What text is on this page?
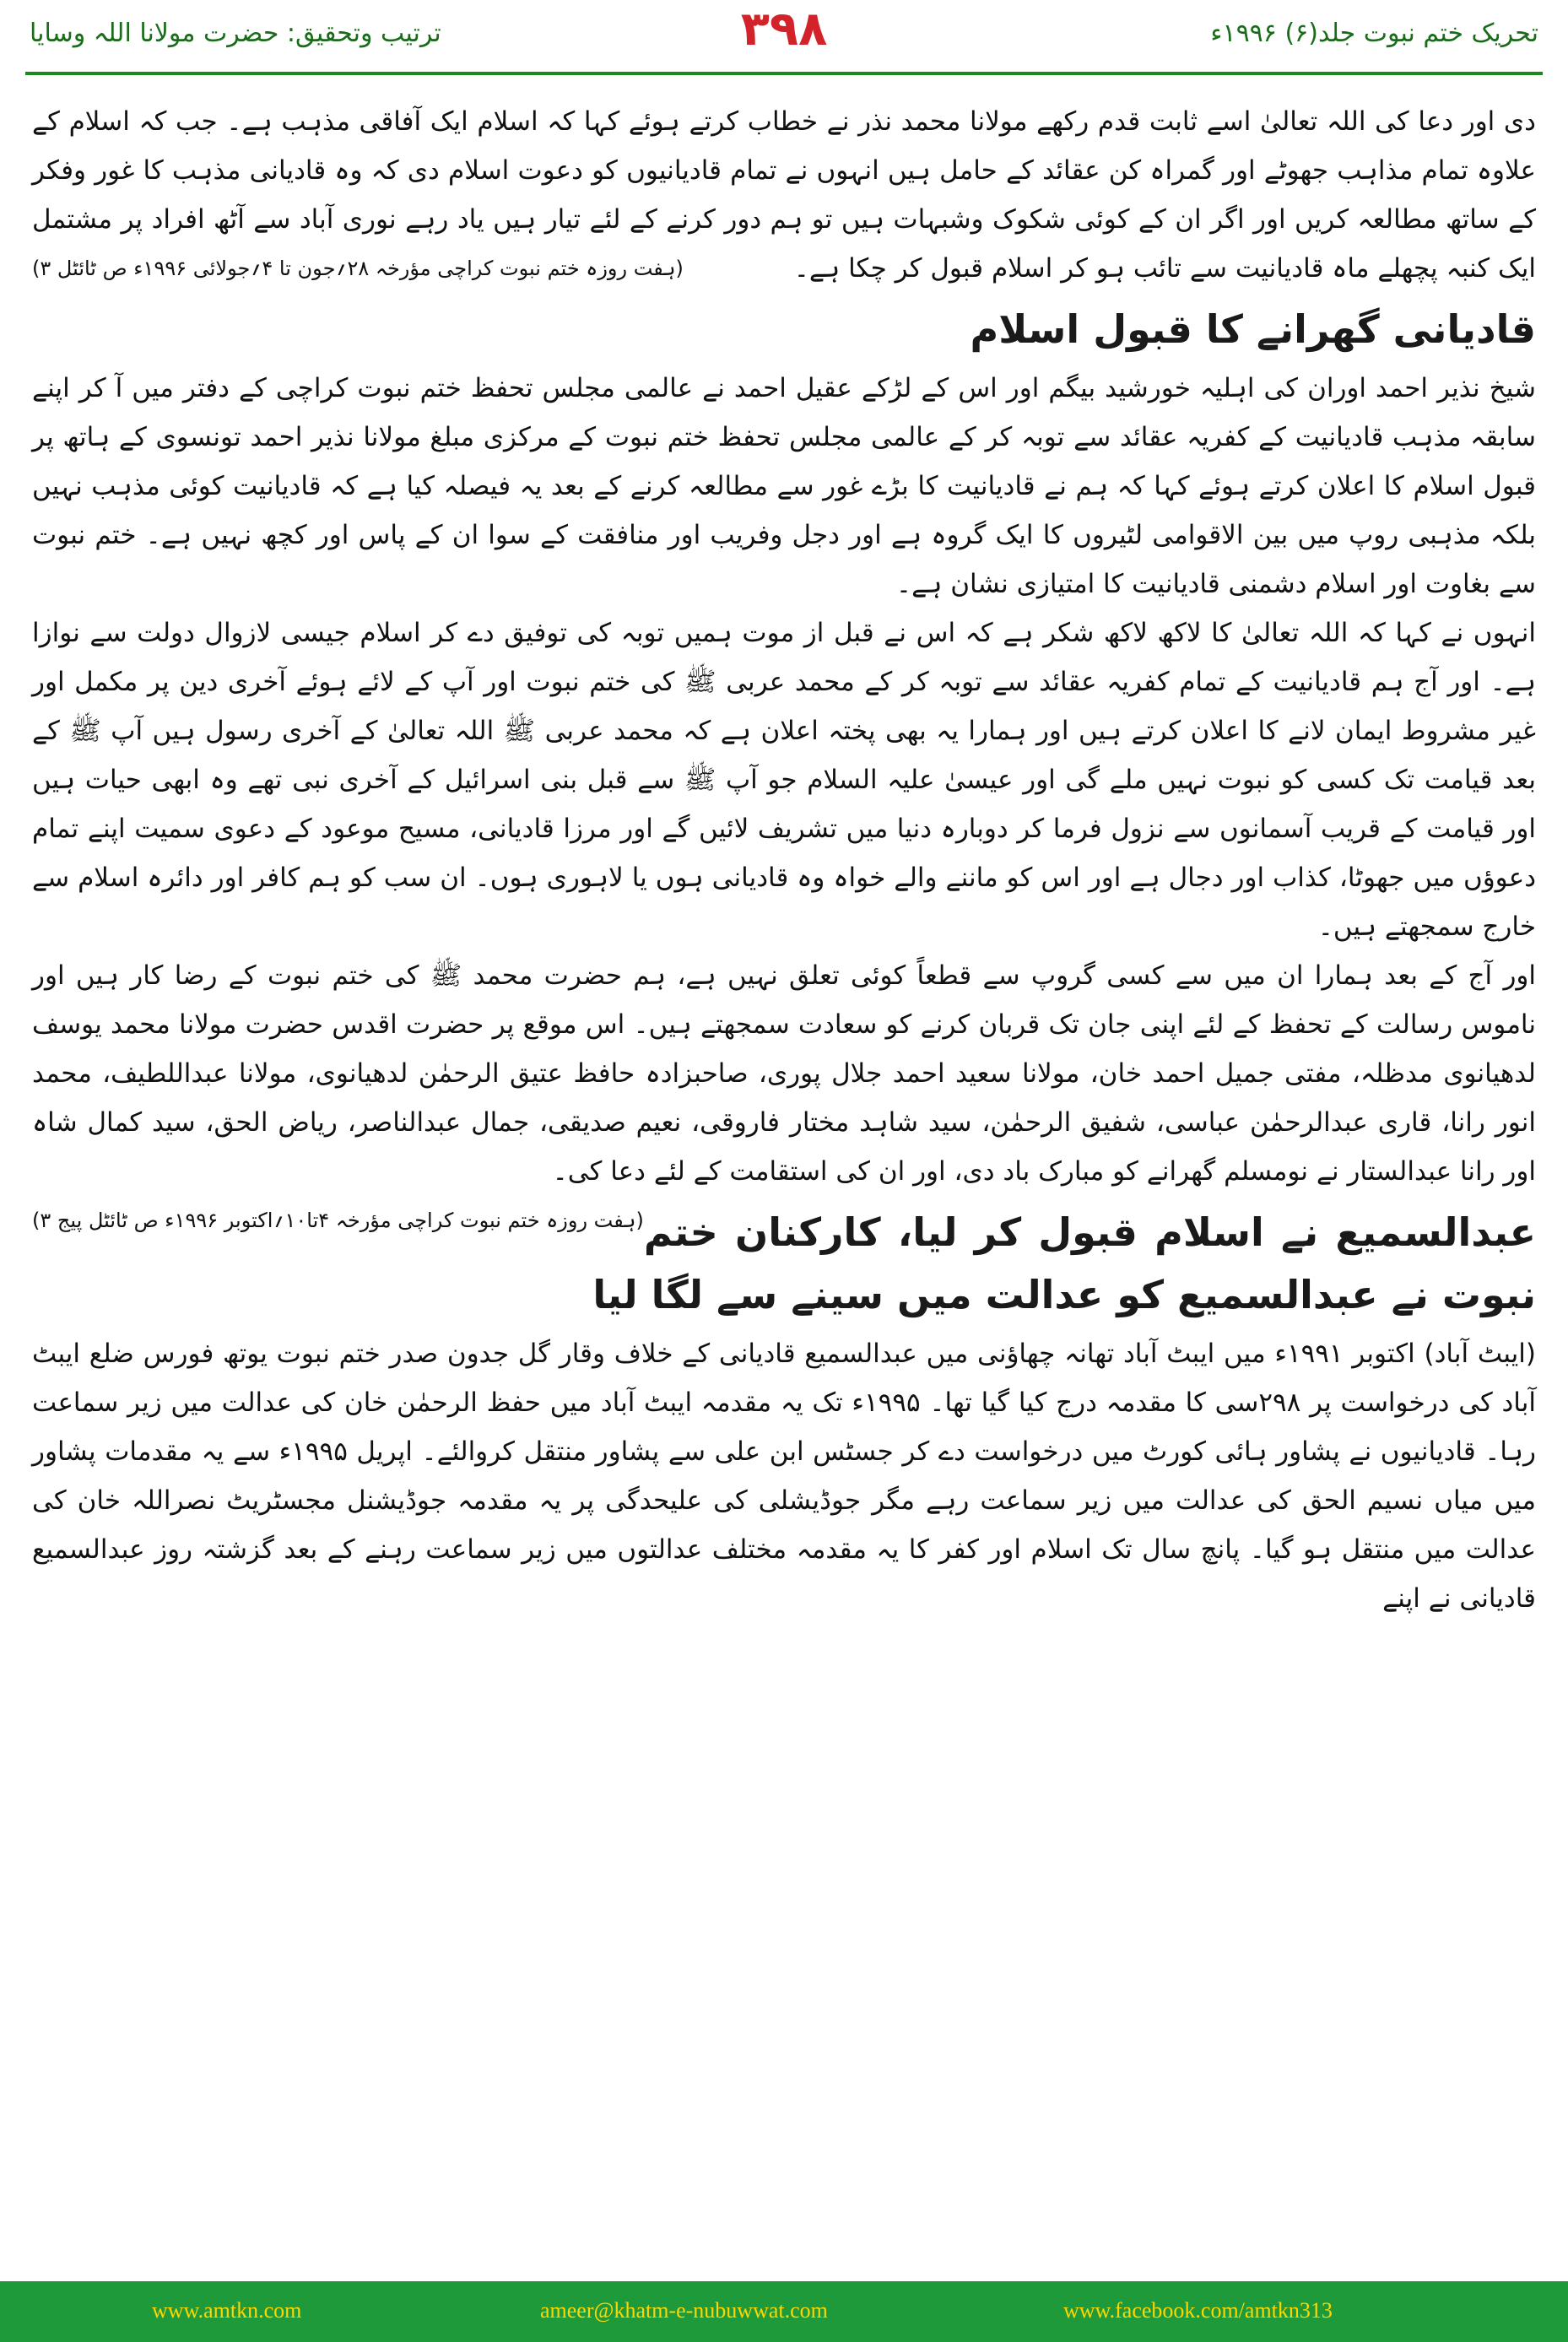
ترتیب وتحقیق: حضرت مولانا اللہ وسایا	۳۹۸	تحریک ختم نبوت جلد(۶) ۱۹۹۶ء

دی اور دعا کی اللہ تعالیٰ اسے ثابت قدم رکھے مولانا محمد نذر نے خطاب کرتے ہوئے کہا کہ اسلام ایک آفاقی مذہب ہے۔ جب کہ اسلام کے علاوہ تمام مذاہب جھوٹے اور گمراہ کن عقائد کے حامل ہیں انہوں نے تمام قادیانیوں کو دعوت اسلام دی کہ وہ قادیانی مذہب کا غور وفکر کے ساتھ مطالعہ کریں اور اگر ان کے کوئی شکوک وشبہات ہیں تو ہم دور کرنے کے لئے تیار ہیں یاد رہے نوری آباد سے آٹھ افراد پر مشتمل ایک کنبہ پچھلے ماہ قادیانیت سے تائب ہو کر اسلام قبول کر چکا ہے۔
(ہفت روزہ ختم نبوت کراچی مؤرخہ ۲۸؍جون تا ۴؍جولائی ۱۹۹۶ء ص ٹائٹل ۳)

قادیانی گھرانے کا قبول اسلام

شیخ نذیر احمد اوران کی اہلیہ خورشید بیگم اور اس کے لڑکے عقیل احمد نے عالمی مجلس تحفظ ختم نبوت کراچی کے دفتر میں آ کر اپنے سابقہ مذہب قادیانیت کے کفریہ عقائد سے توبہ کر کے عالمی مجلس تحفظ ختم نبوت کے مرکزی مبلغ مولانا نذیر احمد تونسوی کے ہاتھ پر قبول اسلام کا اعلان کرتے ہوئے کہا کہ ہم نے قادیانیت کا بڑے غور سے مطالعہ کرنے کے بعد یہ فیصلہ کیا ہے کہ قادیانیت کوئی مذہب نہیں بلکہ مذہبی روپ میں بین الاقوامی لٹیروں کا ایک گروہ ہے اور دجل وفریب اور منافقت کے سوا ان کے پاس اور کچھ نہیں ہے۔ ختم نبوت سے بغاوت اور اسلام دشمنی قادیانیت کا امتیازی نشان ہے۔

انہوں نے کہا کہ اللہ تعالیٰ کا لاکھ لاکھ شکر ہے کہ اس نے قبل از موت ہمیں توبہ کی توفیق دے کر اسلام جیسی لازوال دولت سے نوازا ہے۔ اور آج ہم قادیانیت کے تمام کفریہ عقائد سے توبہ کر کے محمد عربی ﷺ کی ختم نبوت اور آپ کے لائے ہوئے آخری دین پر مکمل اور غیر مشروط ایمان لانے کا اعلان کرتے ہیں اور ہمارا یہ بھی پختہ اعلان ہے کہ محمد عربی ﷺ اللہ تعالیٰ کے آخری رسول ہیں آپ ﷺ کے بعد قیامت تک کسی کو نبوت نہیں ملے گی اور عیسیٰ علیہ السلام جو آپ ﷺ سے قبل بنی اسرائیل کے آخری نبی تھے وہ ابھی حیات ہیں اور قیامت کے قریب آسمانوں سے نزول فرما کر دوبارہ دنیا میں تشریف لائیں گے اور مرزا قادیانی، مسیح موعود کے دعوی سمیت اپنے تمام دعوؤں میں جھوٹا، کذاب اور دجال ہے اور اس کو ماننے والے خواہ وہ قادیانی ہوں یا لاہوری ہوں۔ ان سب کو ہم کافر اور دائرہ اسلام سے خارج سمجھتے ہیں۔

اور آج کے بعد ہمارا ان میں سے کسی گروپ سے قطعاً کوئی تعلق نہیں ہے، ہم حضرت محمد ﷺ کی ختم نبوت کے رضا کار ہیں اور ناموس رسالت کے تحفظ کے لئے اپنی جان تک قربان کرنے کو سعادت سمجھتے ہیں۔ اس موقع پر حضرت اقدس حضرت مولانا محمد یوسف لدھیانوی مدظلہ، مفتی جمیل احمد خان، مولانا سعید احمد جلال پوری، صاحبزادہ حافظ عتیق الرحمٰن لدھیانوی، مولانا عبداللطیف، محمد انور رانا، قاری عبدالرحمٰن عباسی، شفیق الرحمٰن، سید شاہد مختار فاروقی، نعیم صدیقی، جمال عبدالناصر، ریاض الحق، سید کمال شاہ اور رانا عبدالستار نے نومسلم گھرانے کو مبارک باد دی، اور ان کی استقامت کے لئے دعا کی۔
(ہفت روزہ ختم نبوت کراچی مؤرخہ ۴تا۱۰؍اکتوبر ۱۹۹۶ء ص ٹائٹل پیج ۳) عبدالسمیع نے اسلام قبول کر لیا، کارکنان ختم نبوت نے عبدالسمیع کو عدالت میں سینے سے لگا لیا

(ایبٹ آباد) اکتوبر ۱۹۹۱ء میں ایبٹ آباد تھانہ چھاؤنی میں عبدالسمیع قادیانی کے خلاف وقار گل جدون صدر ختم نبوت یوتھ فورس ضلع ایبٹ آباد کی درخواست پر ۲۹۸سی کا مقدمہ درج کیا گیا تھا۔ ۱۹۹۵ء تک یہ مقدمہ ایبٹ آباد میں حفظ الرحمٰن خان کی عدالت میں زیر سماعت رہا۔ قادیانیوں نے پشاور ہائی کورٹ میں درخواست دے کر جسٹس ابن علی سے پشاور منتقل کروالئے۔ اپریل ۱۹۹۵ء سے یہ مقدمات پشاور میں میاں نسیم الحق کی عدالت میں زیر سماعت رہے مگر جوڈیشلی کی علیحدگی پر یہ مقدمہ جوڈیشنل مجسٹریٹ نصراللہ خان کی عدالت میں منتقل ہو گیا۔ پانچ سال تک اسلام اور کفر کا یہ مقدمہ مختلف عدالتوں میں زیر سماعت رہنے کے بعد گزشتہ روز عبدالسمیع قادیانی نے اپنے

www.amtkn.com	ameer@khatm-e-nubuwwat.com	www.facebook.com/amtkn313
